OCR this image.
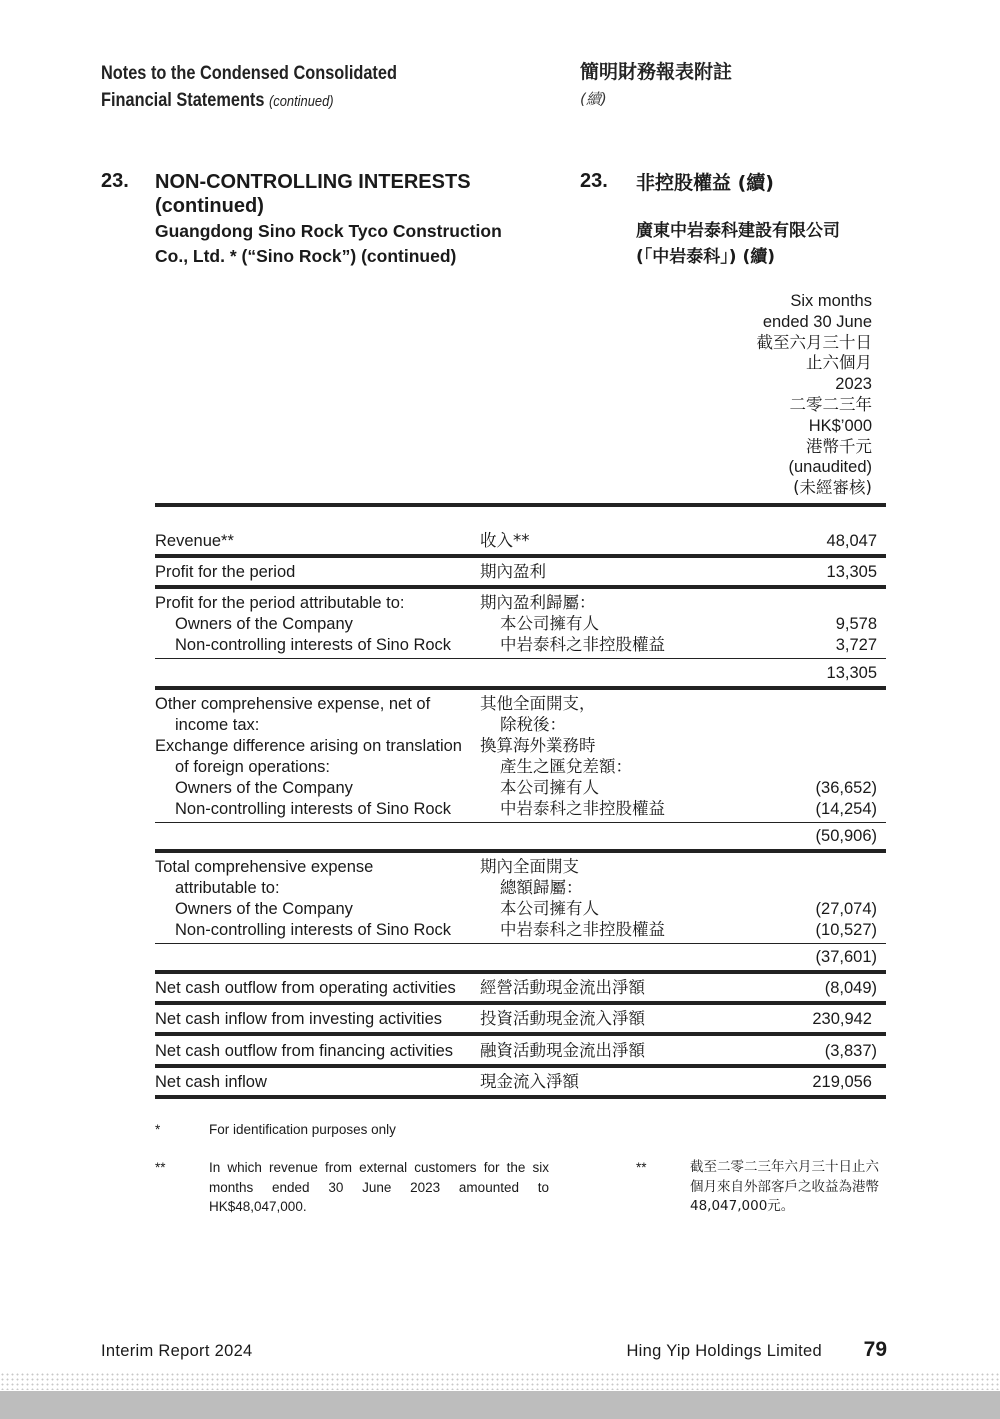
Notes to the Condensed Consolidated
Financial Statements (continued)
簡明財務報表附註
(續)
23. NON-CONTROLLING INTERESTS (continued)
Guangdong Sino Rock Tyco Construction
Co., Ltd. * (“Sino Rock”) (continued)
23. 非控股權益 (續)
廣東中岩泰科建設有限公司
(「中岩泰科」) (續)
Six months
ended 30 June
截至六月三十日
止六個月
2023
二零二三年
HK$’000
港幣千元
(unaudited)
(未經審核)
Revenue**	收入**	48,047
Profit for the period	期內盈利	13,305
Profit for the period attributable to:	期內盈利歸屬：
Owners of the Company	本公司擁有人	9,578
Non-controlling interests of Sino Rock	中岩泰科之非控股權益	3,727
13,305
Other comprehensive expense, net of	其他全面開支，
income tax:	除稅後：
Exchange difference arising on translation 換算海外業務時
of foreign operations:	產生之匯兌差額：
Owners of the Company	本公司擁有人	(36,652)
Non-controlling interests of Sino Rock	中岩泰科之非控股權益	(14,254)
(50,906)
Total comprehensive expense	期內全面開支
attributable to:	總額歸屬：
Owners of the Company	本公司擁有人	(27,074)
Non-controlling interests of Sino Rock	中岩泰科之非控股權益	(10,527)
(37,601)
Net cash outflow from operating activities 經營活動現金流出淨額	(8,049)
Net cash inflow from investing activities 投資活動現金流入淨額	230,942
Net cash outflow from financing activities 融資活動現金流出淨額	(3,837)
Net cash inflow	現金流入淨額	219,056
*	For identification purposes only
**	In which revenue from external customers for the six months ended 30 June 2023 amounted to HK$48,047,000.
**	截至二零二三年六月三十日止六個月來自外部客戶之收益為港幣48,047,000元。
Interim Report 2024	Hing Yip Holdings Limited 79
